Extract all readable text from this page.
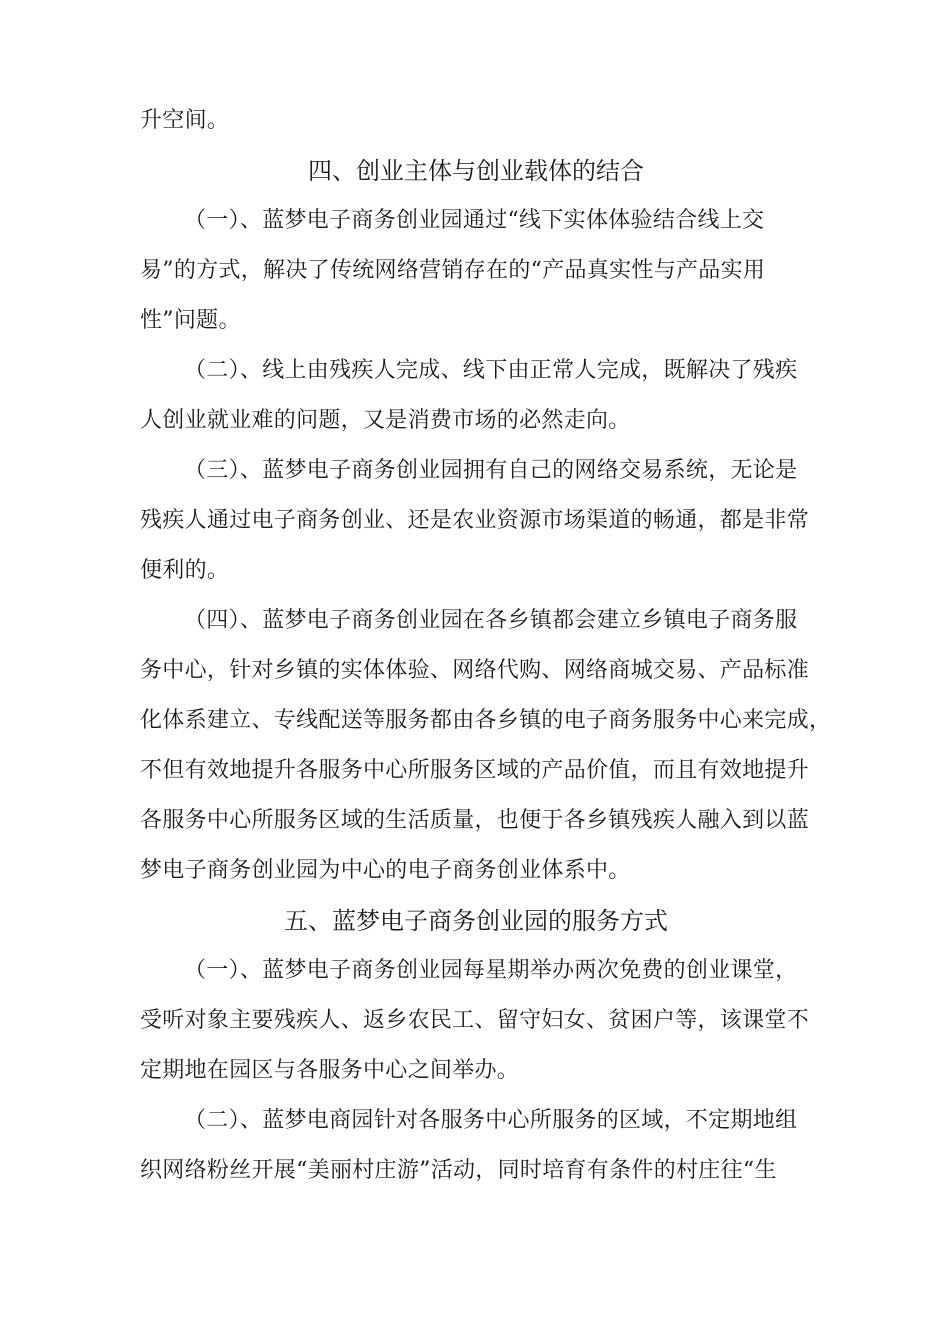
升空间。
四、创业主体与创业载体的结合
（一）、蓝梦电子商务创业园通过“线下实体体验结合线上交
易”的方式，解决了传统网络营销存在的“产品真实性与产品实用
性”问题。
（二）、线上由残疾人完成、线下由正常人完成，既解决了残疾
人创业就业难的问题，又是消费市场的必然走向。
（三）、蓝梦电子商务创业园拥有自己的网络交易系统，无论是
残疾人通过电子商务创业、还是农业资源市场渠道的畅通，都是非常
便利的。
（四）、蓝梦电子商务创业园在各乡镇都会建立乡镇电子商务服
务中心，针对乡镇的实体体验、网络代购、网络商城交易、产品标准
化体系建立、专线配送等服务都由各乡镇的电子商务服务中心来完成，
不但有效地提升各服务中心所服务区域的产品价值，而且有效地提升
各服务中心所服务区域的生活质量，也便于各乡镇残疾人融入到以蓝
梦电子商务创业园为中心的电子商务创业体系中。
五、蓝梦电子商务创业园的服务方式
（一）、蓝梦电子商务创业园每星期举办两次免费的创业课堂，
受听对象主要残疾人、返乡农民工、留守妇女、贫困户等，该课堂不
定期地在园区与各服务中心之间举办。
（二）、蓝梦电商园针对各服务中心所服务的区域，不定期地组
织网络粉丝开展“美丽村庄游”活动，同时培育有条件的村庄往“生
